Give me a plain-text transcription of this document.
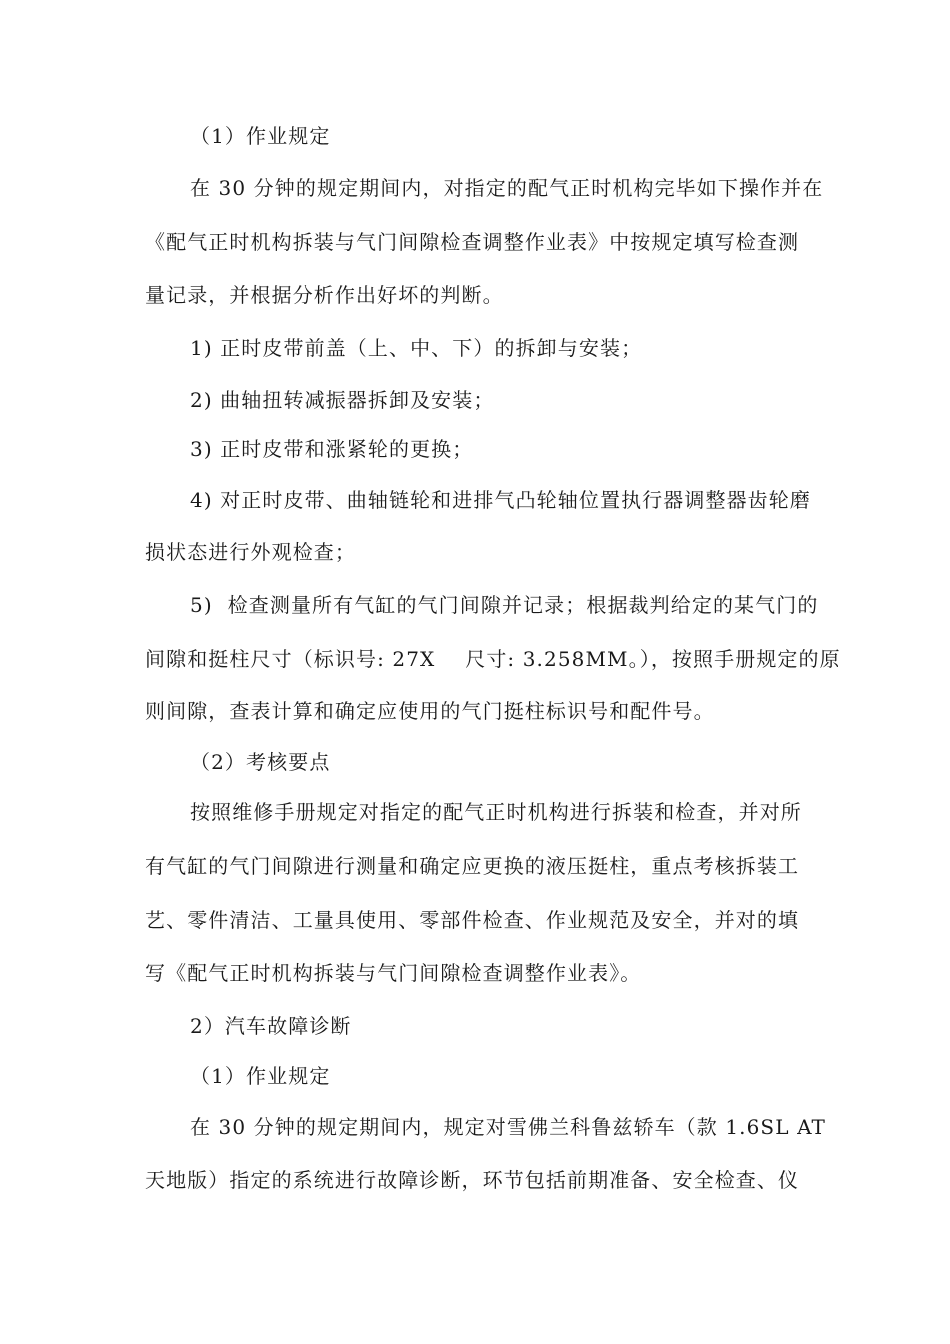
（1）作业规定
在 30 分钟的规定期间内，对指定的配气正时机构完毕如下操作并在
《配气正时机构拆装与气门间隙检查调整作业表》中按规定填写检查测
量记录，并根据分析作出好坏的判断。
1) 正时皮带前盖（上、中、下）的拆卸与安装；
2) 曲轴扭转减振器拆卸及安装；
3) 正时皮带和涨紧轮的更换；
4) 对正时皮带、曲轴链轮和进排气凸轮轴位置执行器调整器齿轮磨
损状态进行外观检查；
5)  检查测量所有气缸的气门间隙并记录；根据裁判给定的某气门的
间隙和挺柱尺寸（标识号: 27X    尺寸: 3.258MM。），按照手册规定的原
则间隙，查表计算和确定应使用的气门挺柱标识号和配件号。
（2）考核要点
按照维修手册规定对指定的配气正时机构进行拆装和检查，并对所
有气缸的气门间隙进行测量和确定应更换的液压挺柱，重点考核拆装工
艺、零件清洁、工量具使用、零部件检查、作业规范及安全，并对的填
写《配气正时机构拆装与气门间隙检查调整作业表》。
2）汽车故障诊断
（1）作业规定
在 30 分钟的规定期间内，规定对雪佛兰科鲁兹轿车（款 1.6SL AT
天地版）指定的系统进行故障诊断，环节包括前期准备、安全检查、仪
